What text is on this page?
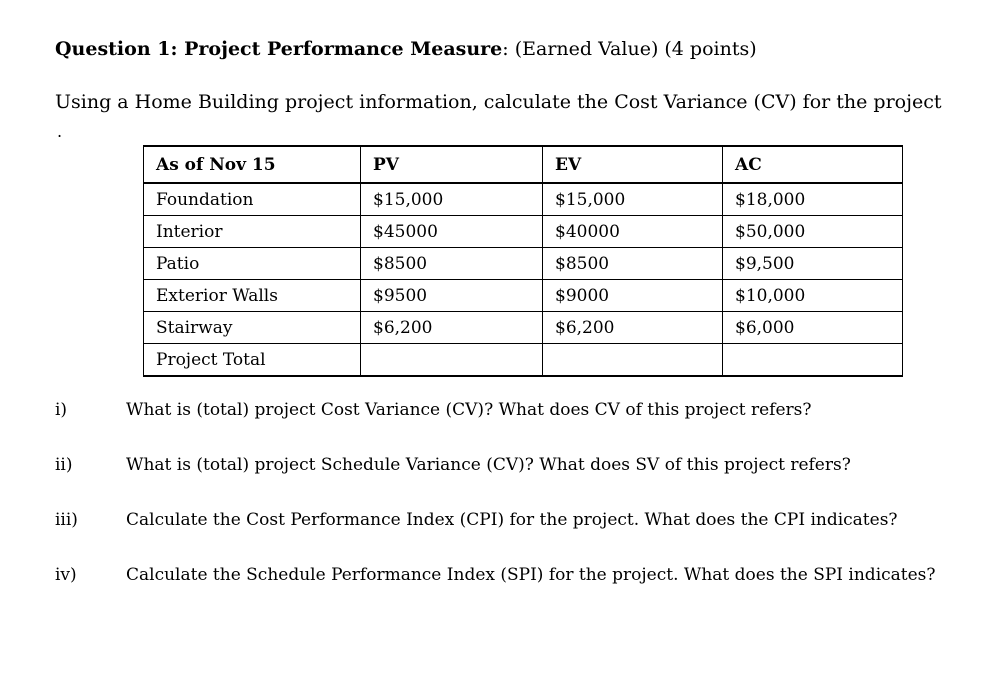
Question 1: Project Performance Measure: (Earned Value) (4 points)
Using a Home Building project information, calculate the Cost Variance (CV) for the project
.
As of Nov 15	PV	EV	AC
Foundation	$15,000	$15,000	$18,000
Interior	$45000	$40000	$50,000
Patio	$8500	$8500	$9,500
Exterior Walls	$9500	$9000	$10,000
Stairway	$6,200	$6,200	$6,000
Project Total			
i)	What is (total) project Cost Variance (CV)? What does CV of this project refers?
ii)	What is (total) project Schedule Variance (CV)? What does SV of this project refers?
iii)	Calculate the Cost Performance Index (CPI) for the project. What does the CPI indicates?
iv)	Calculate the Schedule Performance Index (SPI) for the project. What does the SPI indicates?
